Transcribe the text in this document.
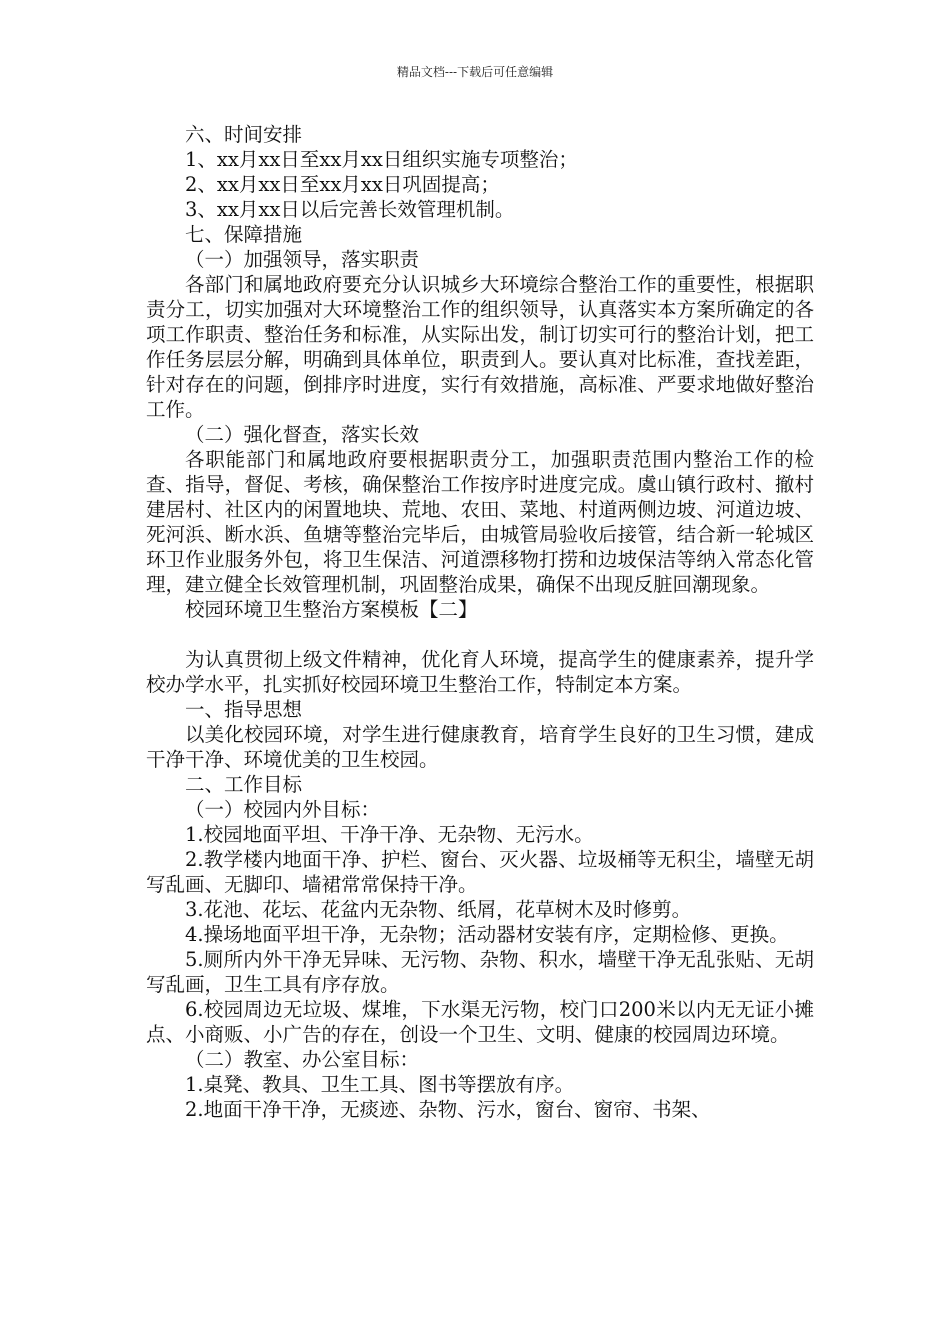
精品文档---下载后可任意编辑

六、时间安排

1、xx月xx日至xx月xx日组织实施专项整治；

2、xx月xx日至xx月xx日巩固提高；

3、xx月xx日以后完善长效管理机制。

七、保障措施

（一）加强领导，落实职责

各部门和属地政府要充分认识城乡大环境综合整治工作的重要性，根据职责分工，切实加强对大环境整治工作的组织领导，认真落实本方案所确定的各项工作职责、整治任务和标准，从实际出发，制订切实可行的整治计划，把工作任务层层分解，明确到具体单位，职责到人。要认真对比标准，查找差距，针对存在的问题，倒排序时进度，实行有效措施，高标准、严要求地做好整治工作。

（二）强化督查，落实长效

各职能部门和属地政府要根据职责分工，加强职责范围内整治工作的检查、指导，督促、考核，确保整治工作按序时进度完成。虞山镇行政村、撤村建居村、社区内的闲置地块、荒地、农田、菜地、村道两侧边坡、河道边坡、死河浜、断水浜、鱼塘等整治完毕后，由城管局验收后接管，结合新一轮城区环卫作业服务外包，将卫生保洁、河道漂移物打捞和边坡保洁等纳入常态化管理，建立健全长效管理机制，巩固整治成果，确保不出现反脏回潮现象。

校园环境卫生整治方案模板【二】

为认真贯彻上级文件精神，优化育人环境，提高学生的健康素养，提升学校办学水平，扎实抓好校园环境卫生整治工作，特制定本方案。

一、指导思想

以美化校园环境，对学生进行健康教育，培育学生良好的卫生习惯，建成干净干净、环境优美的卫生校园。

二、工作目标

（一）校园内外目标：

1.校园地面平坦、干净干净、无杂物、无污水。

2.教学楼内地面干净、护栏、窗台、灭火器、垃圾桶等无积尘，墙壁无胡写乱画、无脚印、墙裙常常保持干净。

3.花池、花坛、花盆内无杂物、纸屑，花草树木及时修剪。

4.操场地面平坦干净，无杂物；活动器材安装有序，定期检修、更换。

5.厕所内外干净无异味、无污物、杂物、积水，墙壁干净无乱张贴、无胡写乱画，卫生工具有序存放。

6.校园周边无垃圾、煤堆，下水渠无污物，校门口200米以内无无证小摊点、小商贩、小广告的存在，创设一个卫生、文明、健康的校园周边环境。

（二）教室、办公室目标：

1.桌凳、教具、卫生工具、图书等摆放有序。

2.地面干净干净，无痰迹、杂物、污水，窗台、窗帘、书架、
